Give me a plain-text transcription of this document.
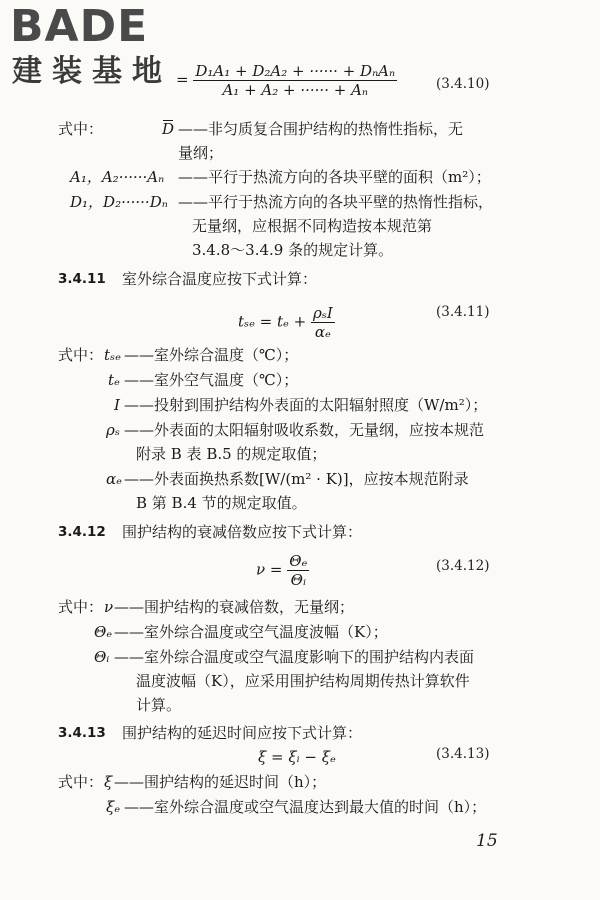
BADE
建装基地 = $\frac{\text{D₁A₁ + D₂A₂ + ······ + DₙAₙ}}{\text{A₁ + A₂ + ······ + Aₙ}}$	(3.4.10)
式中：	D ——非匀质复合围护结构的热惰性指标，无
量纲；
A₁，A₂······Aₙ ——平行于热流方向的各块平壁的面积（m²）；
D₁，D₂······Dₙ ——平行于热流方向的各块平壁的热惰性指标，
无量纲，应根据不同构造按本规范第
3.4.8～3.4.9 条的规定计算。
3.4.11 室外综合温度应按下式计算：
$t_{se} = t_e + \frac{\text{ρₛI}}{\text{αₑ}}$	(3.4.11)
式中： tₛₑ ——室外综合温度（℃）；
tₑ ——室外空气温度（℃）；
I ——投射到围护结构外表面的太阳辐射照度（W/m²）；
ρₛ ——外表面的太阳辐射吸收系数，无量纲，应按本规范
附录 B 表 B.5 的规定取值；
αₑ ——外表面换热系数[W/(m² · K)]，应按本规范附录
B 第 B.4 节的规定取值。
3.4.12 围护结构的衰减倍数应按下式计算：
$\nu = \frac{\text{Θₑ}}{\text{Θᵢ}}$	(3.4.12)
式中： ν ——围护结构的衰减倍数，无量纲；
Θₑ ——室外综合温度或空气温度波幅（K）；
Θᵢ ——室外综合温度或空气温度影响下的围护结构内表面
温度波幅（K），应采用围护结构周期传热计算软件
计算。
3.4.13 围护结构的延迟时间应按下式计算：
ξ = ξᵢ − ξₑ	(3.4.13)
式中： ξ ——围护结构的延迟时间（h）；
ξₑ ——室外综合温度或空气温度达到最大值的时间（h）；
15
